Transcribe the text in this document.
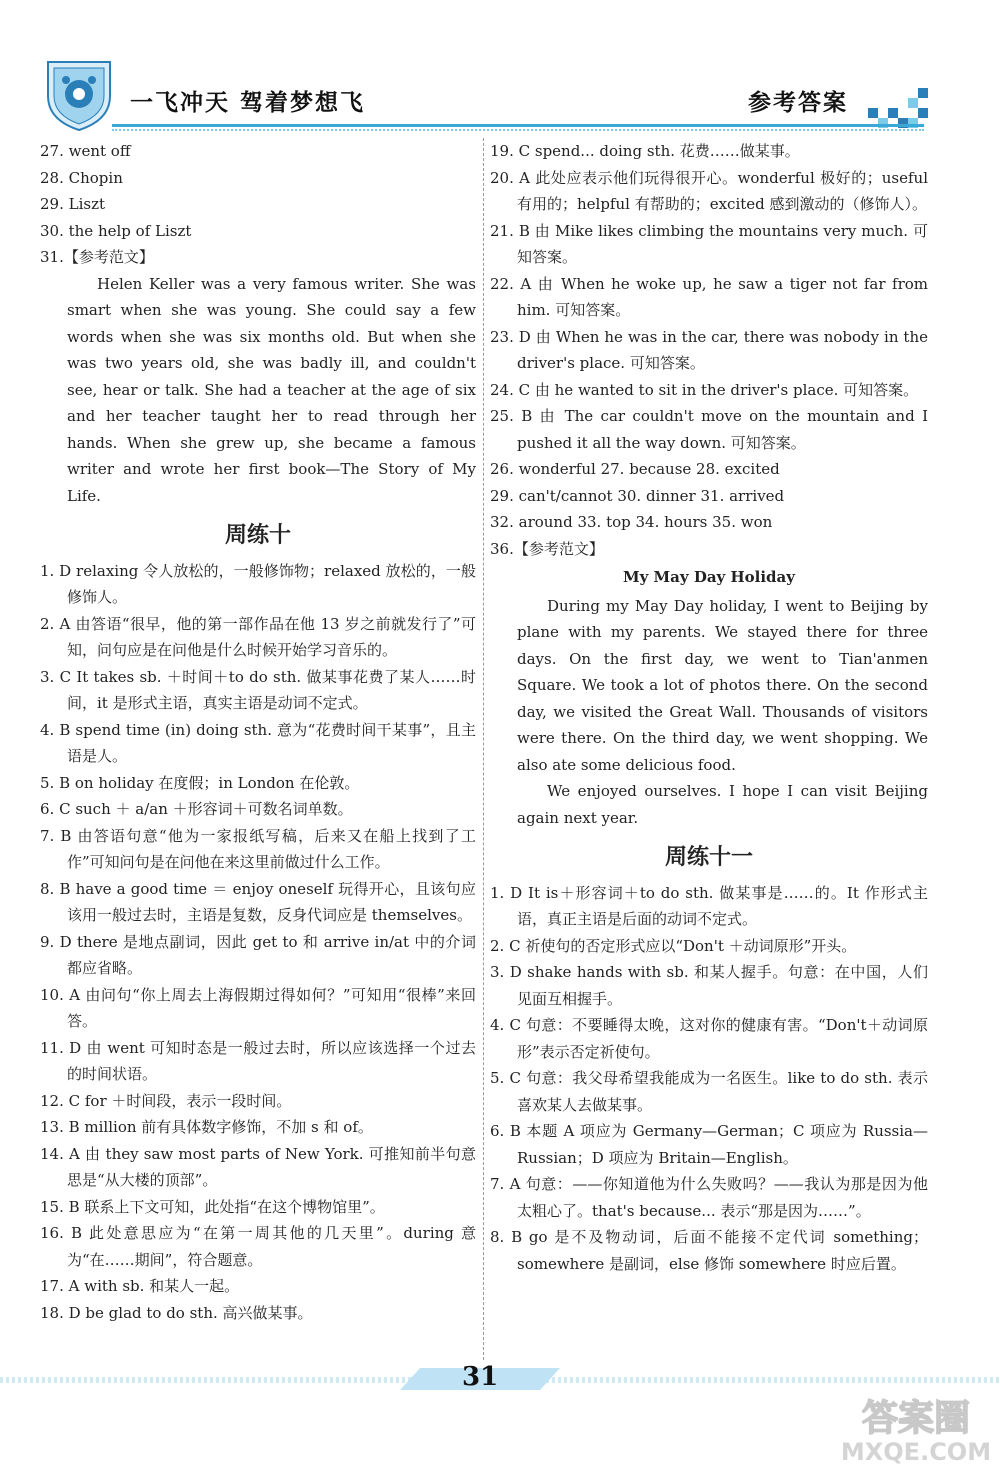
一飞冲天 驾着梦想飞	参考答案

27. went off

28. Chopin

29. Liszt

30. the help of Liszt

31.【参考范文】

Helen Keller was a very famous writer. She was smart when she was young. She could say a few words when she was six months old. But when she was two years old, she was badly ill, and couldn't see, hear or talk. She had a teacher at the age of six and her teacher taught her to read through her hands. When she grew up, she became a famous writer and wrote her first book—The Story of My Life.

周练十

1. D relaxing 令人放松的，一般修饰物；relaxed 放松的，一般修饰人。

2. A 由答语“很早，他的第一部作品在他 13 岁之前就发行了”可知，问句应是在问他是什么时候开始学习音乐的。

3. C It takes sb. ＋时间＋to do sth. 做某事花费了某人……时间，it 是形式主语，真实主语是动词不定式。

4. B spend time (in) doing sth. 意为“花费时间干某事”，且主语是人。

5. B on holiday 在度假；in London 在伦敦。

6. C such ＋ a/an ＋形容词＋可数名词单数。

7. B 由答语句意“他为一家报纸写稿，后来又在船上找到了工作”可知问句是在问他在来这里前做过什么工作。

8. B have a good time ＝ enjoy oneself 玩得开心，且该句应该用一般过去时，主语是复数，反身代词应是 themselves。

9. D there 是地点副词，因此 get to 和 arrive in/at 中的介词都应省略。

10. A 由问句“你上周去上海假期过得如何？”可知用“很棒”来回答。

11. D 由 went 可知时态是一般过去时，所以应该选择一个过去的时间状语。

12. C for ＋时间段，表示一段时间。

13. B million 前有具体数字修饰，不加 s 和 of。

14. A 由 they saw most parts of New York. 可推知前半句意思是“从大楼的顶部”。

15. B 联系上下文可知，此处指“在这个博物馆里”。

16. B 此处意思应为“在第一周其他的几天里”。during 意为“在……期间”，符合题意。

17. A with sb. 和某人一起。

18. D be glad to do sth. 高兴做某事。

19. C spend... doing sth. 花费……做某事。

20. A 此处应表示他们玩得很开心。wonderful 极好的；useful 有用的；helpful 有帮助的；excited 感到激动的（修饰人）。

21. B 由 Mike likes climbing the mountains very much. 可知答案。

22. A 由 When he woke up, he saw a tiger not far from him. 可知答案。

23. D 由 When he was in the car, there was nobody in the driver's place. 可知答案。

24. C 由 he wanted to sit in the driver's place. 可知答案。

25. B 由 The car couldn't move on the mountain and I pushed it all the way down. 可知答案。

26. wonderful 27. because 28. excited

29. can't/cannot 30. dinner 31. arrived

32. around 33. top 34. hours 35. won

36.【参考范文】

My May Day Holiday

During my May Day holiday, I went to Beijing by plane with my parents. We stayed there for three days. On the first day, we went to Tian'anmen Square. We took a lot of photos there. On the second day, we visited the Great Wall. Thousands of visitors were there. On the third day, we went shopping. We also ate some delicious food.

We enjoyed ourselves. I hope I can visit Beijing again next year.

周练十一

1. D It is＋形容词＋to do sth. 做某事是……的。It 作形式主语，真正主语是后面的动词不定式。

2. C 祈使句的否定形式应以“Don't ＋动词原形”开头。

3. D shake hands with sb. 和某人握手。句意：在中国，人们见面互相握手。

4. C 句意：不要睡得太晚，这对你的健康有害。“Don't＋动词原形”表示否定祈使句。

5. C 句意：我父母希望我能成为一名医生。like to do sth. 表示喜欢某人去做某事。

6. B 本题 A 项应为 Germany—German；C 项应为 Russia—Russian；D 项应为 Britain—English。

7. A 句意：——你知道他为什么失败吗？——我认为那是因为他太粗心了。that's because... 表示“那是因为……”。

8. B go 是不及物动词，后面不能接不定代词 something；somewhere 是副词，else 修饰 somewhere 时应后置。

31
答案圈
MXQE.COM
